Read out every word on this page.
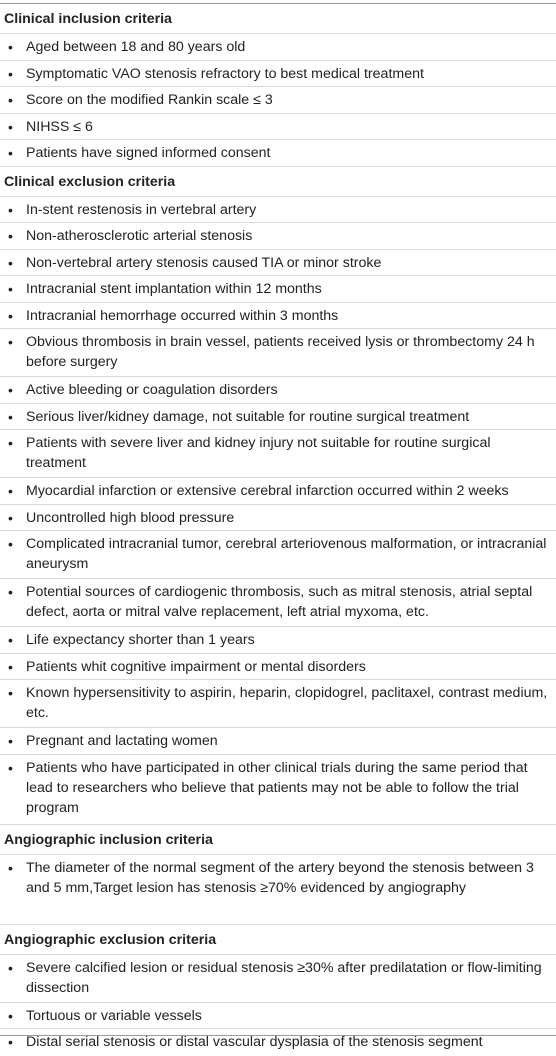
Clinical inclusion criteria
• Aged between 18 and 80 years old
• Symptomatic VAO stenosis refractory to best medical treatment
• Score on the modified Rankin scale ≤ 3
• NIHSS ≤ 6
• Patients have signed informed consent
Clinical exclusion criteria
• In-stent restenosis in vertebral artery
• Non-atherosclerotic arterial stenosis
• Non-vertebral artery stenosis caused TIA or minor stroke
• Intracranial stent implantation within 12 months
• Intracranial hemorrhage occurred within 3 months
• Obvious thrombosis in brain vessel, patients received lysis or thrombectomy 24 h before surgery
• Active bleeding or coagulation disorders
• Serious liver/kidney damage, not suitable for routine surgical treatment
• Patients with severe liver and kidney injury not suitable for routine surgical treatment
• Myocardial infarction or extensive cerebral infarction occurred within 2 weeks
• Uncontrolled high blood pressure
• Complicated intracranial tumor, cerebral arteriovenous malformation, or intracranial aneurysm
• Potential sources of cardiogenic thrombosis, such as mitral stenosis, atrial septal defect, aorta or mitral valve replacement, left atrial myxoma, etc.
• Life expectancy shorter than 1 years
• Patients whit cognitive impairment or mental disorders
• Known hypersensitivity to aspirin, heparin, clopidogrel, paclitaxel, contrast medium, etc.
• Pregnant and lactating women
• Patients who have participated in other clinical trials during the same period that lead to researchers who believe that patients may not be able to follow the trial program
Angiographic inclusion criteria
• The diameter of the normal segment of the artery beyond the stenosis between 3 and 5 mm,Target lesion has stenosis ≥70% evidenced by angiography
Angiographic exclusion criteria
• Severe calcified lesion or residual stenosis ≥30% after predilatation or flow-limiting dissection
• Tortuous or variable vessels
• Distal serial stenosis or distal vascular dysplasia of the stenosis segment
